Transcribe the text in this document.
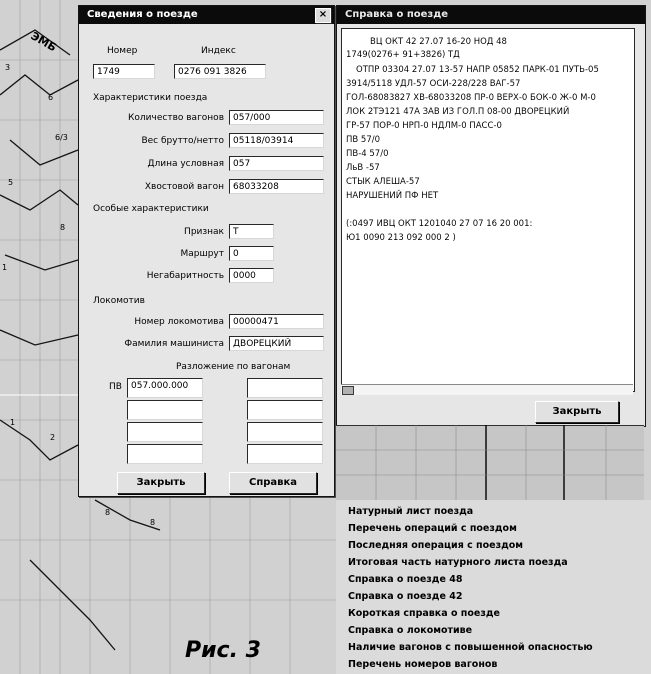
3
6
6/3
5
8
1
2
1
8
8
ЭМБ
Сведения о поезде	×
Номер	Индекс
1749	0276 091 3826
Характеристики поезда
Количество вагонов	057/000
Вес брутто/нетто	05118/03914
Длина условная	057
Хвостовой вагон	68033208
Особые характеристики
Признак	Т
Маршрут	0
Негабаритность	0000
Локомотив
Номер локомотива	00000471
Фамилия машиниста	ДВОРЕЦКИЙ
Разложение по вагонам
ПВ	057.000.000
Закрыть	Справка
Справка о поезде
ВЦ ОКТ 42 27.07 16-20 НОД 48
1749(0276+ 91+3826) ТД
ОТПР 03304 27.07 13-57 НАПР 05852 ПАРК-01 ПУТЬ-05
3914/5118 УДЛ-57 ОСИ-228/228 ВАГ-57
ГОЛ-68083827 ХВ-68033208 ПР-0 ВЕРХ-0 БОК-0 Ж-0 М-0
ЛОК 2ТЭ121 47А ЗАВ ИЗ ГОЛ.П 08-00 ДВОРЕЦКИЙ
ГР-57 ПОР-0 НРП-0 НДЛМ-0 ПАСС-0
ПВ 57/0
ПВ-4 57/0
ЛьВ -57
СТЫК АЛЕША-57
НАРУШЕНИЙ ПФ НЕТ
(:0497 ИВЦ ОКТ 1201040 27 07 16 20 001:
Ю1 0090 213 092 000 2 )
Закрыть
Натурный лист поезда
Перечень операций с поездом
Последняя операция с поездом
Итоговая часть натурного листа поезда
Справка о поезде 48
Справка о поезде 42
Короткая справка о поезде
Справка о локомотиве
Наличие вагонов с повышенной опасностью
Перечень номеров вагонов
Рис. 3
